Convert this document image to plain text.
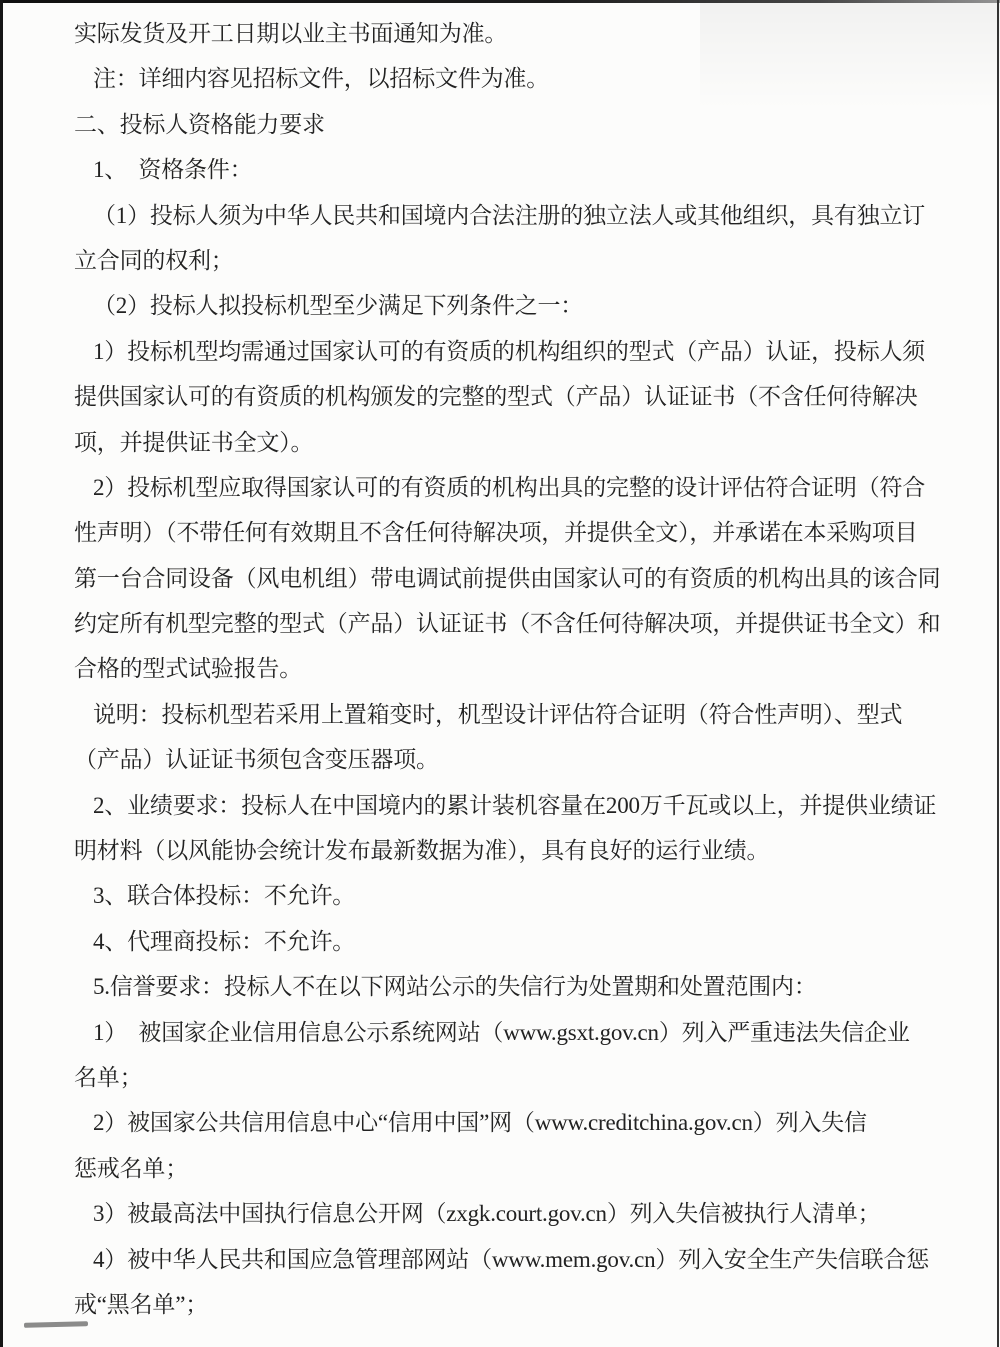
实际发货及开工日期以业主书面通知为准。
注：详细内容见招标文件，以招标文件为准。
二、投标人资格能力要求
1、　资格条件：
（1）投标人须为中华人民共和国境内合法注册的独立法人或其他组织，具有独立订
立合同的权利；
（2）投标人拟投标机型至少满足下列条件之一：
1）投标机型均需通过国家认可的有资质的机构组织的型式（产品）认证，投标人须
提供国家认可的有资质的机构颁发的完整的型式（产品）认证证书（不含任何待解决
项，并提供证书全文）。
2）投标机型应取得国家认可的有资质的机构出具的完整的设计评估符合证明（符合
性声明）（不带任何有效期且不含任何待解决项，并提供全文），并承诺在本采购项目
第一台合同设备（风电机组）带电调试前提供由国家认可的有资质的机构出具的该合同
约定所有机型完整的型式（产品）认证证书（不含任何待解决项，并提供证书全文）和
合格的型式试验报告。
说明：投标机型若采用上置箱变时，机型设计评估符合证明（符合性声明）、型式
（产品）认证证书须包含变压器项。
2、业绩要求：投标人在中国境内的累计装机容量在200万千瓦或以上，并提供业绩证
明材料（以风能协会统计发布最新数据为准），具有良好的运行业绩。
3、联合体投标：不允许。
4、代理商投标：不允许。
5.信誉要求：投标人不在以下网站公示的失信行为处置期和处置范围内：
1）　被国家企业信用信息公示系统网站（www.gsxt.gov.cn）列入严重违法失信企业
名单；
2）被国家公共信用信息中心“信用中国”网（www.creditchina.gov.cn）列入失信
惩戒名单；
3）被最高法中国执行信息公开网（zxgk.court.gov.cn）列入失信被执行人清单；
4）被中华人民共和国应急管理部网站（www.mem.gov.cn）列入安全生产失信联合惩
戒“黑名单”；
